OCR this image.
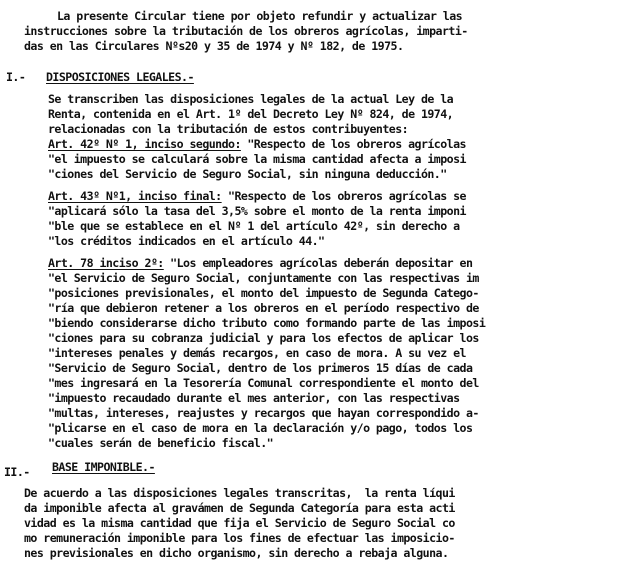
La presente Circular tiene por objeto refundir y actualizar las
instrucciones sobre la tributación de los obreros agrícolas, imparti-
das en las Circulares Nºs20 y 35 de 1974 y Nº 182, de 1975.
I.- DISPOSICIONES LEGALES.-
Se transcriben las disposiciones legales de la actual Ley de la
Renta, contenida en el Art. 1º del Decreto Ley Nº 824, de 1974,
relacionadas con la tributación de estos contribuyentes:
Art. 42º Nº 1, inciso segundo: "Respecto de los obreros agrícolas
"el impuesto se calculará sobre la misma cantidad afecta a imposi
"ciones del Servicio de Seguro Social, sin ninguna deducción."
Art. 43º Nº1, inciso final: "Respecto de los obreros agrícolas se
"aplicará sólo la tasa del 3,5% sobre el monto de la renta imponi
"ble que se establece en el Nº 1 del artículo 42º, sin derecho a
"los créditos indicados en el artículo 44."
Art. 78 inciso 2º: "Los empleadores agrícolas deberán depositar en
"el Servicio de Seguro Social, conjuntamente con las respectivas im
"posiciones previsionales, el monto del impuesto de Segunda Catego-
"ría que debieron retener a los obreros en el período respectivo de
"biendo considerarse dicho tributo como formando parte de las imposi
"ciones para su cobranza judicial y para los efectos de aplicar los
"intereses penales y demás recargos, en caso de mora. A su vez el
"Servicio de Seguro Social, dentro de los primeros 15 días de cada
"mes ingresará en la Tesorería Comunal correspondiente el monto del
"impuesto recaudado durante el mes anterior, con las respectivas
"multas, intereses, reajustes y recargos que hayan correspondido a-
"plicarse en el caso de mora en la declaración y/o pago, todos los
"cuales serán de beneficio fiscal."
II.- BASE IMPONIBLE.-
De acuerdo a las disposiciones legales transcritas,  la renta líqui
da imponible afecta al gravámen de Segunda Categoría para esta acti
vidad es la misma cantidad que fija el Servicio de Seguro Social co
mo remuneración imponible para los fines de efectuar las imposicio-
nes previsionales en dicho organismo, sin derecho a rebaja alguna.
